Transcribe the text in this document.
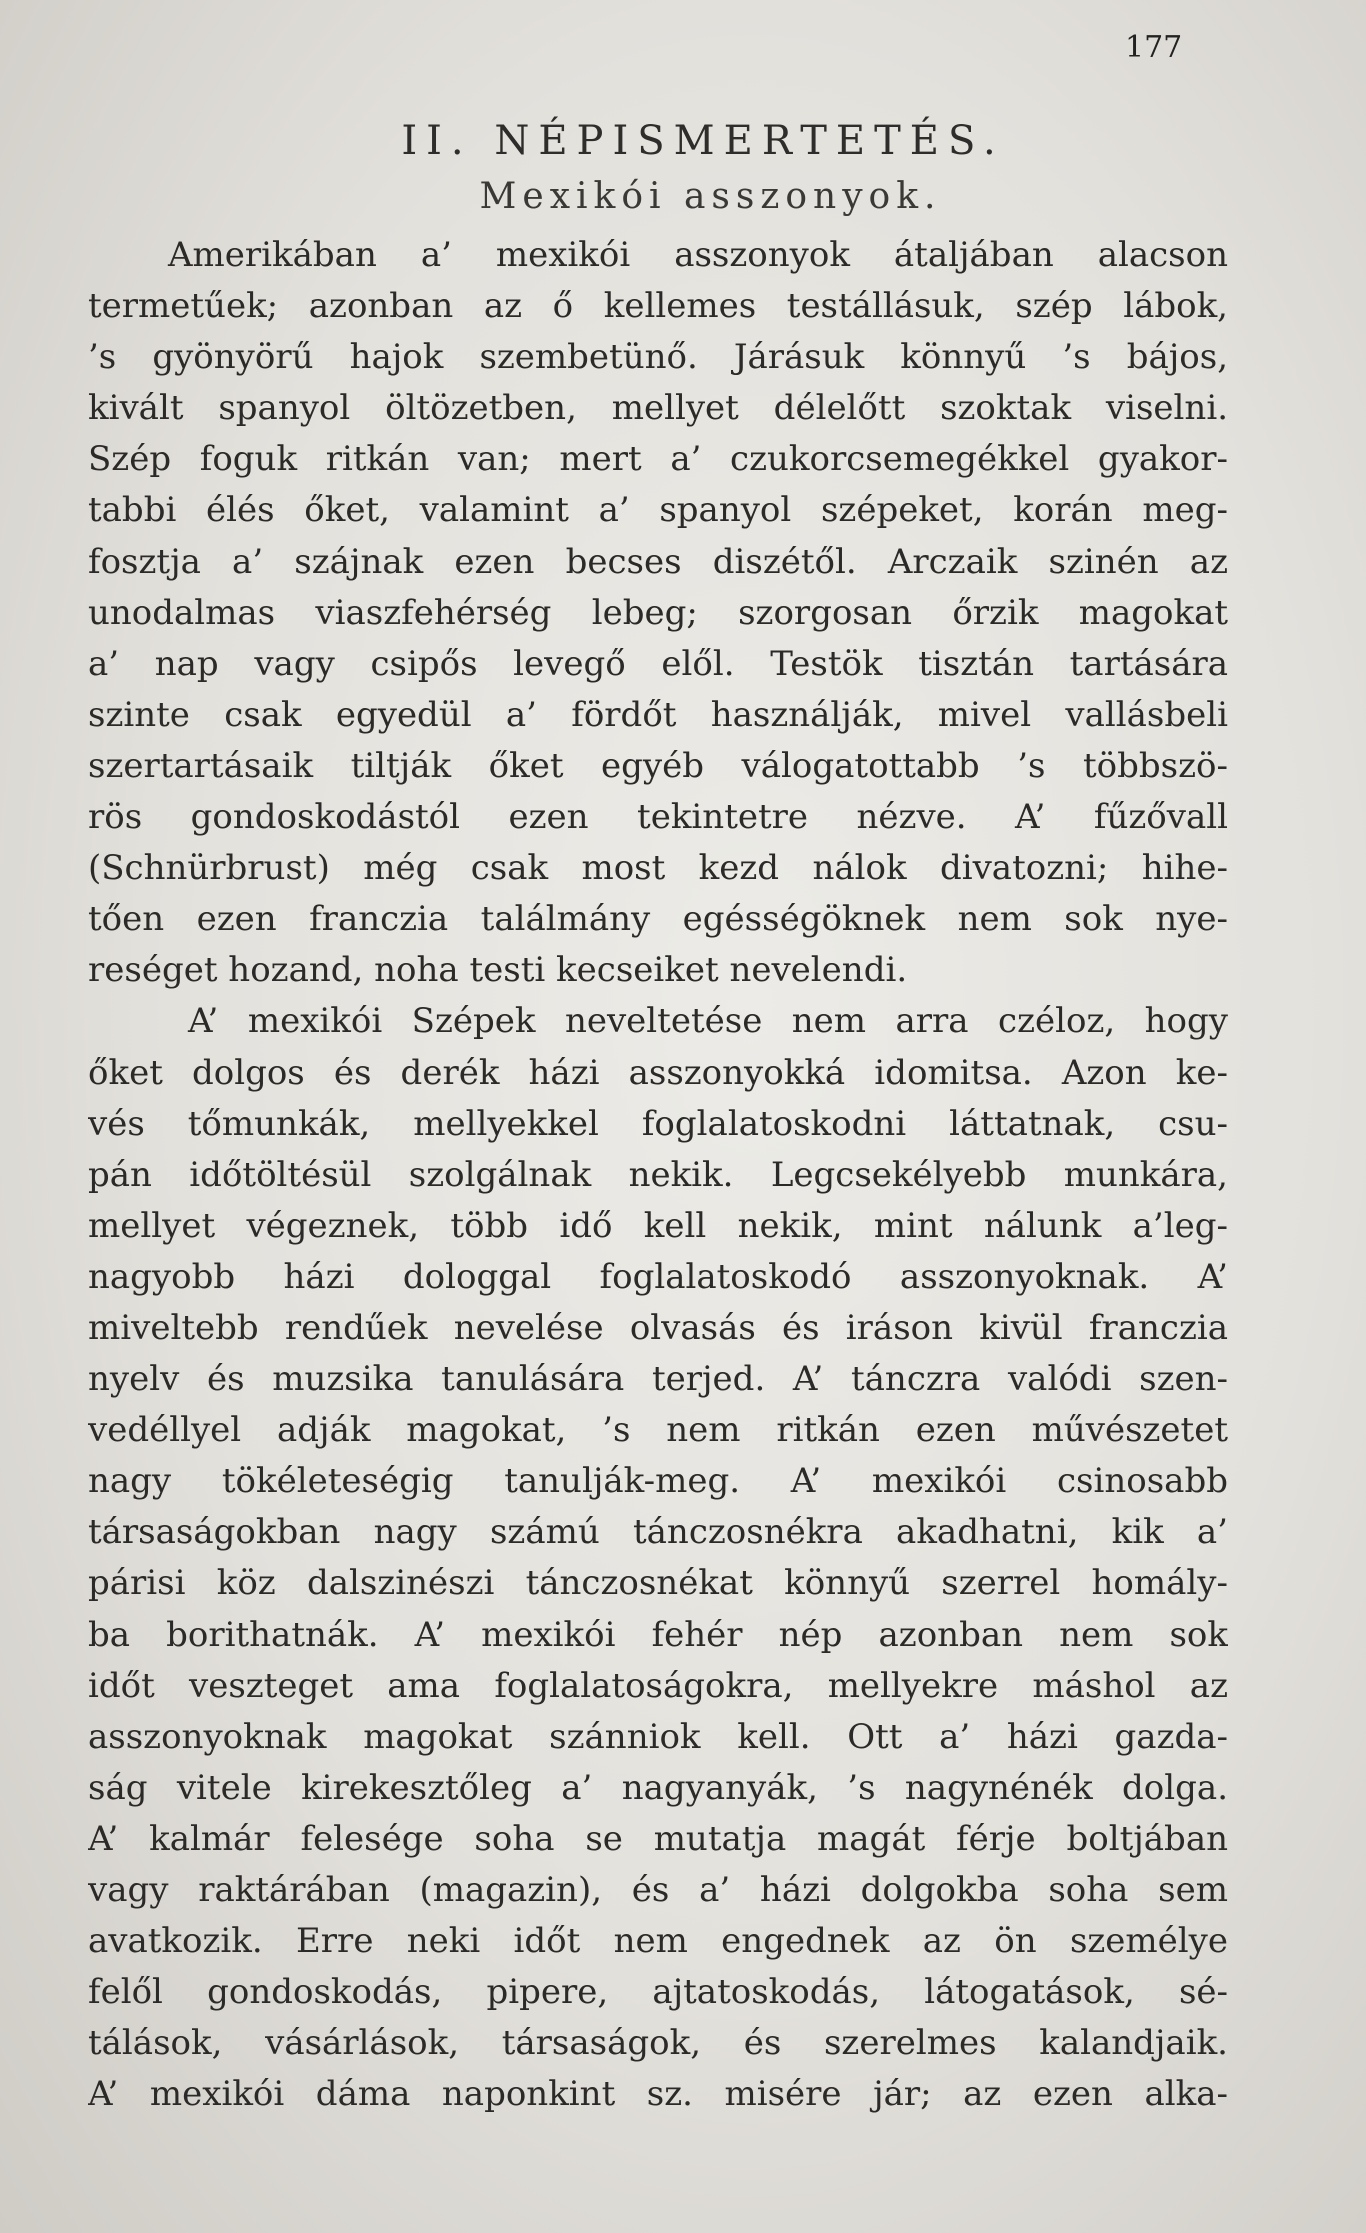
177
II. NÉPISMERTETÉS.
Mexikói asszonyok.
Amerikában a’ mexikói asszonyok átaljában alacson
termetűek; azonban az ő kellemes testállásuk, szép lábok,
’s gyönyörű hajok szembetünő. Járásuk könnyű ’s bájos,
kivált spanyol öltözetben, mellyet délelőtt szoktak viselni.
Szép foguk ritkán van; mert a’ czukorcsemegékkel gyakor-
tabbi élés őket, valamint a’ spanyol szépeket, korán meg-
fosztja a’ szájnak ezen becses diszétől. Arczaik szinén az
unodalmas viaszfehérség lebeg; szorgosan őrzik magokat
a’ nap vagy csipős levegő elől. Testök tisztán tartására
szinte csak egyedül a’ fördőt használják, mivel vallásbeli
szertartásaik tiltják őket egyéb válogatottabb ’s többszö-
rös gondoskodástól ezen tekintetre nézve. A’ fűzővall
(Schnürbrust) még csak most kezd nálok divatozni; hihe-
tően ezen franczia találmány egésségöknek nem sok nye-
reséget hozand, noha testi kecseiket nevelendi.
A’ mexikói Szépek neveltetése nem arra czéloz, hogy
őket dolgos és derék házi asszonyokká idomitsa. Azon ke-
vés tőmunkák, mellyekkel foglalatoskodni láttatnak, csu-
pán időtöltésül szolgálnak nekik. Legcsekélyebb munkára,
mellyet végeznek, több idő kell nekik, mint nálunk a’leg-
nagyobb házi dologgal foglalatoskodó asszonyoknak. A’
miveltebb rendűek nevelése olvasás és iráson kivül franczia
nyelv és muzsika tanulására terjed. A’ tánczra valódi szen-
vedéllyel adják magokat, ’s nem ritkán ezen művészetet
nagy tökéleteségig tanulják-meg. A’ mexikói csinosabb
társaságokban nagy számú tánczosnékra akadhatni, kik a’
párisi köz dalszinészi tánczosnékat könnyű szerrel homály-
ba borithatnák. A’ mexikói fehér nép azonban nem sok
időt veszteget ama foglalatoságokra, mellyekre máshol az
asszonyoknak magokat szánniok kell. Ott a’ házi gazda-
ság vitele kirekesztőleg a’ nagyanyák, ’s nagynénék dolga.
A’ kalmár felesége soha se mutatja magát férje boltjában
vagy raktárában (magazin), és a’ házi dolgokba soha sem
avatkozik. Erre neki időt nem engednek az ön személye
felől gondoskodás, pipere, ajtatoskodás, látogatások, sé-
tálások, vásárlások, társaságok, és szerelmes kalandjaik.
A’ mexikói dáma naponkint sz. misére jár; az ezen alka-
